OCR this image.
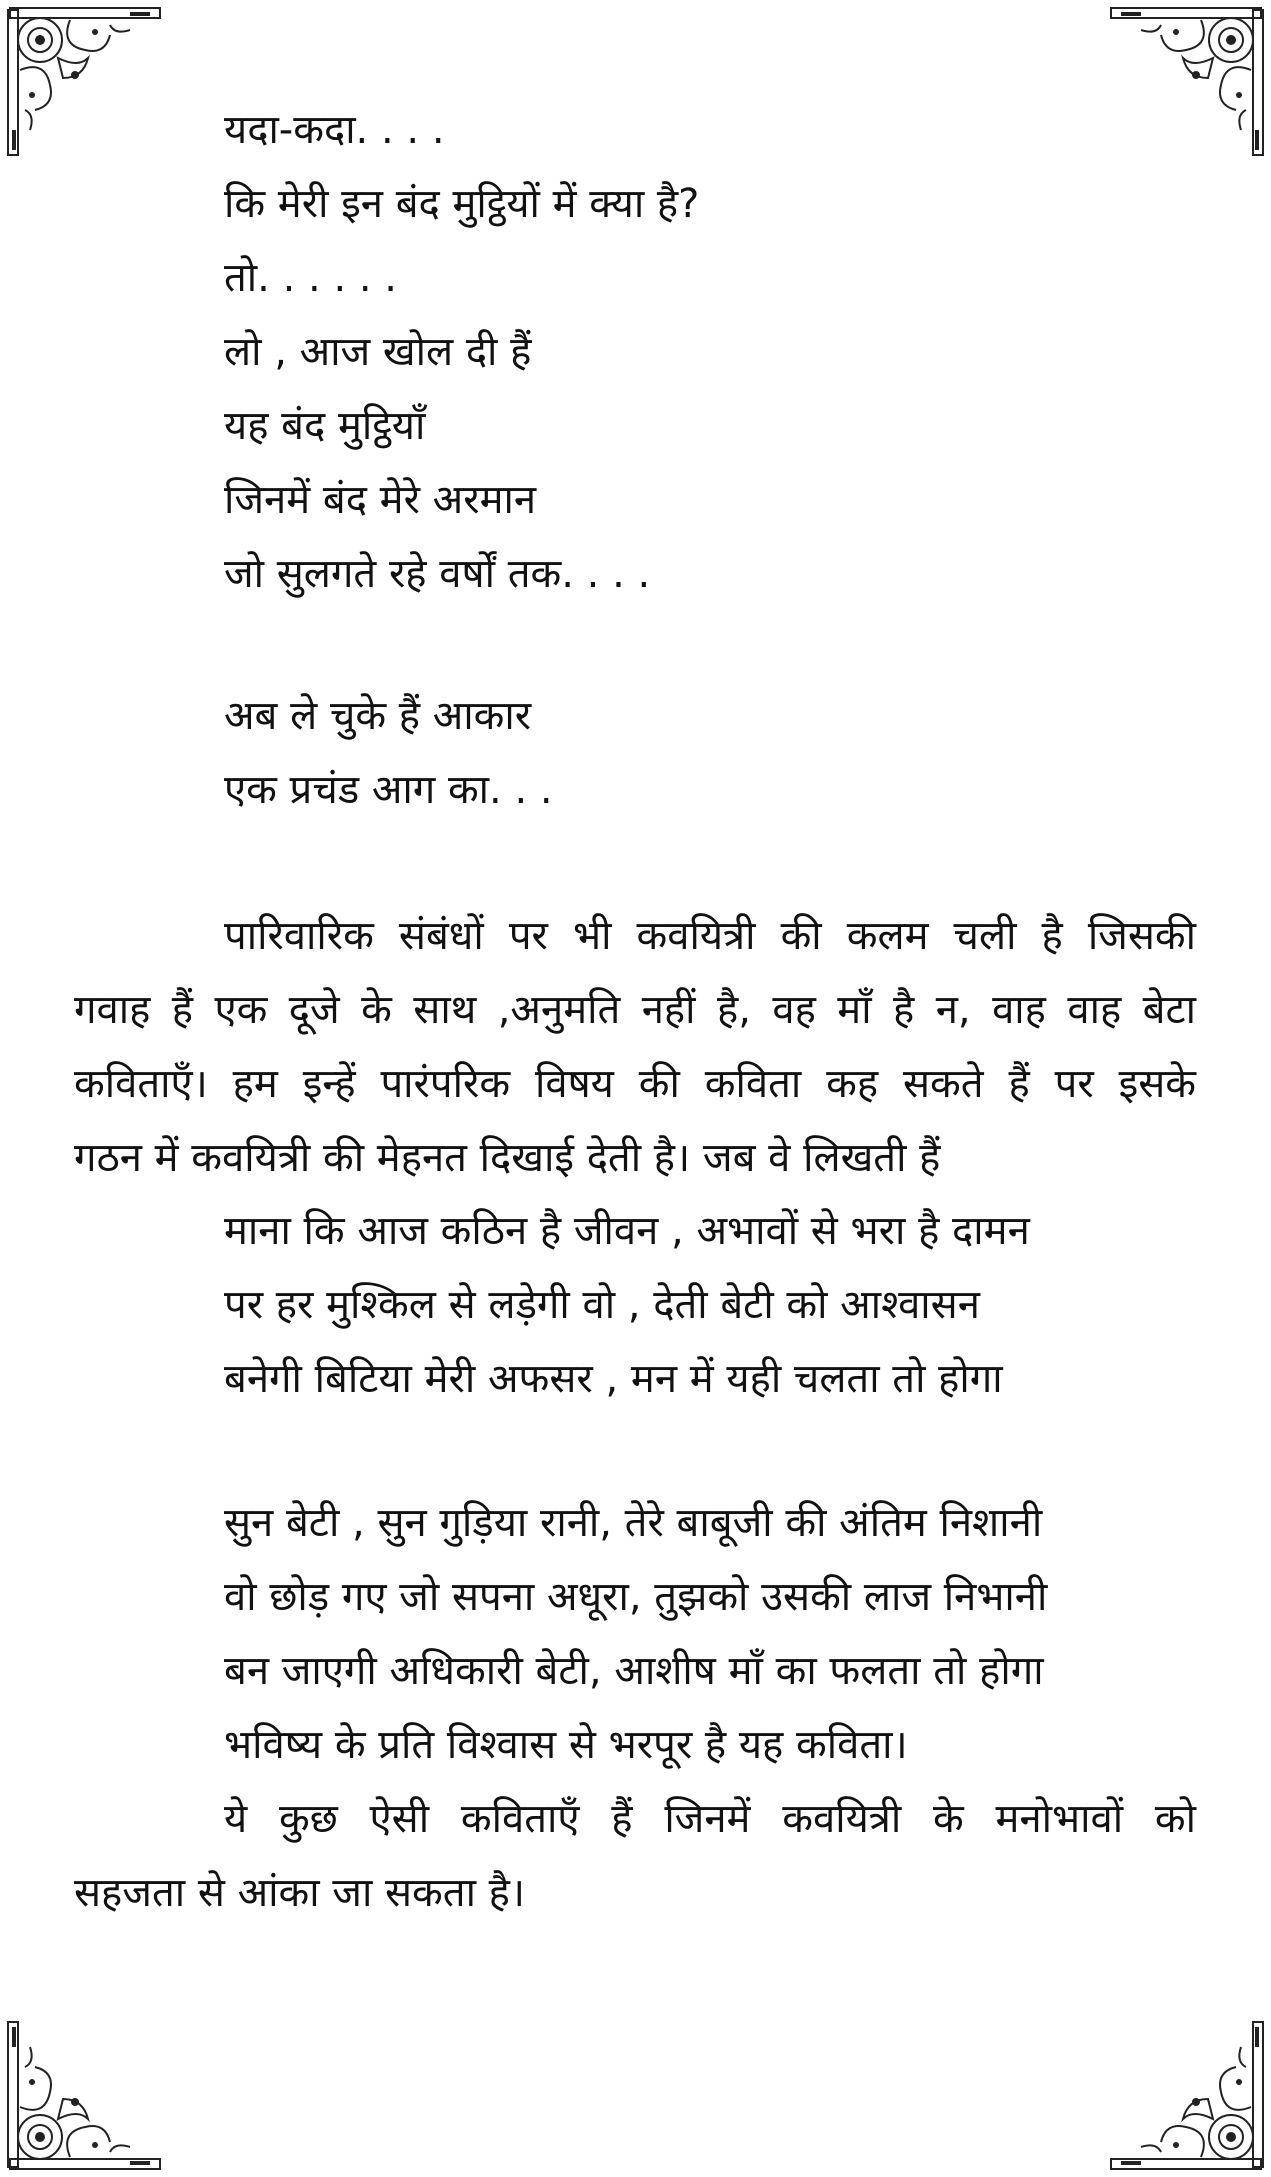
यदा-कदा. . . .
कि मेरी इन बंद मुट्ठियों में क्या है?
तो. . . . . .
लो , आज खोल दी हैं
यह बंद मुट्ठियाँ
जिनमें बंद मेरे अरमान
जो सुलगते रहे वर्षों तक. . . .
अब ले चुके हैं आकार
एक प्रचंड आग का. . .
पारिवारिक संबंधों पर भी कवयित्री की कलम चली है जिसकी
गवाह हैं एक दूजे के साथ ,अनुमति नहीं है, वह माँ है न, वाह वाह बेटा
कविताएँ। हम इन्हें पारंपरिक विषय की कविता कह सकते हैं पर इसके
गठन में कवयित्री की मेहनत दिखाई देती है। जब वे लिखती हैं
माना कि आज कठिन है जीवन , अभावों से भरा है दामन
पर हर मुश्किल से लड़ेगी वो , देती बेटी को आश्वासन
बनेगी बिटिया मेरी अफसर , मन में यही चलता तो होगा
सुन बेटी , सुन गुड़िया रानी, तेरे बाबूजी की अंतिम निशानी
वो छोड़ गए जो सपना अधूरा, तुझको उसकी लाज निभानी
बन जाएगी अधिकारी बेटी, आशीष माँ का फलता तो होगा
भविष्य के प्रति विश्वास से भरपूर है यह कविता।
ये कुछ ऐसी कविताएँ हैं जिनमें कवयित्री के मनोभावों को
सहजता से आंका जा सकता है।
